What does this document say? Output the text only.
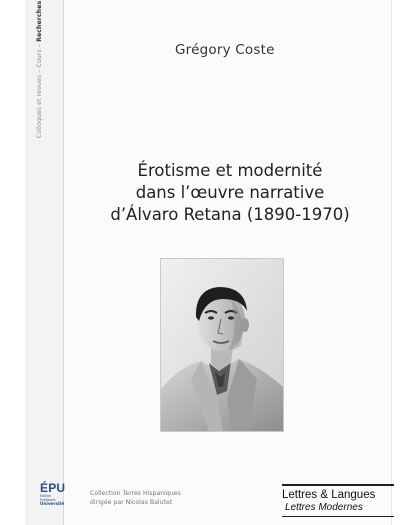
Colloques et revues – Cours – Recherches
Grégory Coste
Érotisme et modernité
dans l’œuvre narrative
d’Álvaro Retana (1890-1970)
ÉPU
Édition Publibook
Université
Collection Terres Hispaniques
dirigée par Nicolas Balutet
Lettres & Langues
Lettres Modernes
